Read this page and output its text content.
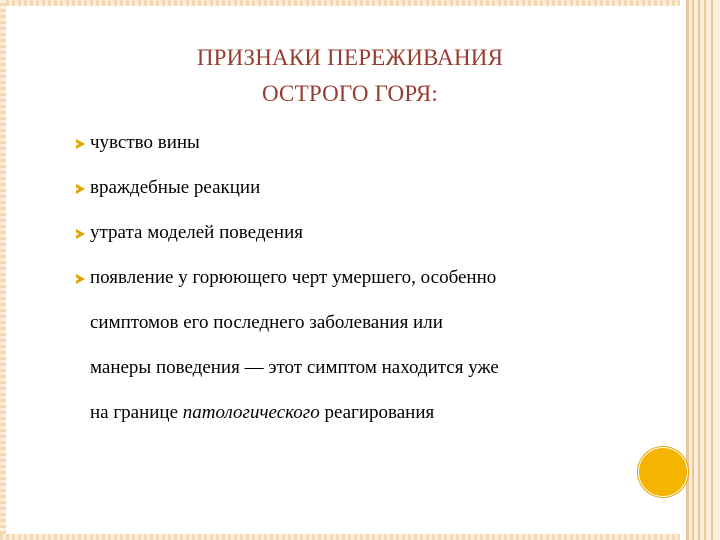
ПРИЗНАКИ ПЕРЕЖИВАНИЯ
ОСТРОГО ГОРЯ:
чувство вины
враждебные реакции
утрата моделей поведения
появление у горюющего черт умершего, особенно
симптомов его последнего заболевания или
манеры поведения — этот симптом находится уже
на границе патологического реагирования
